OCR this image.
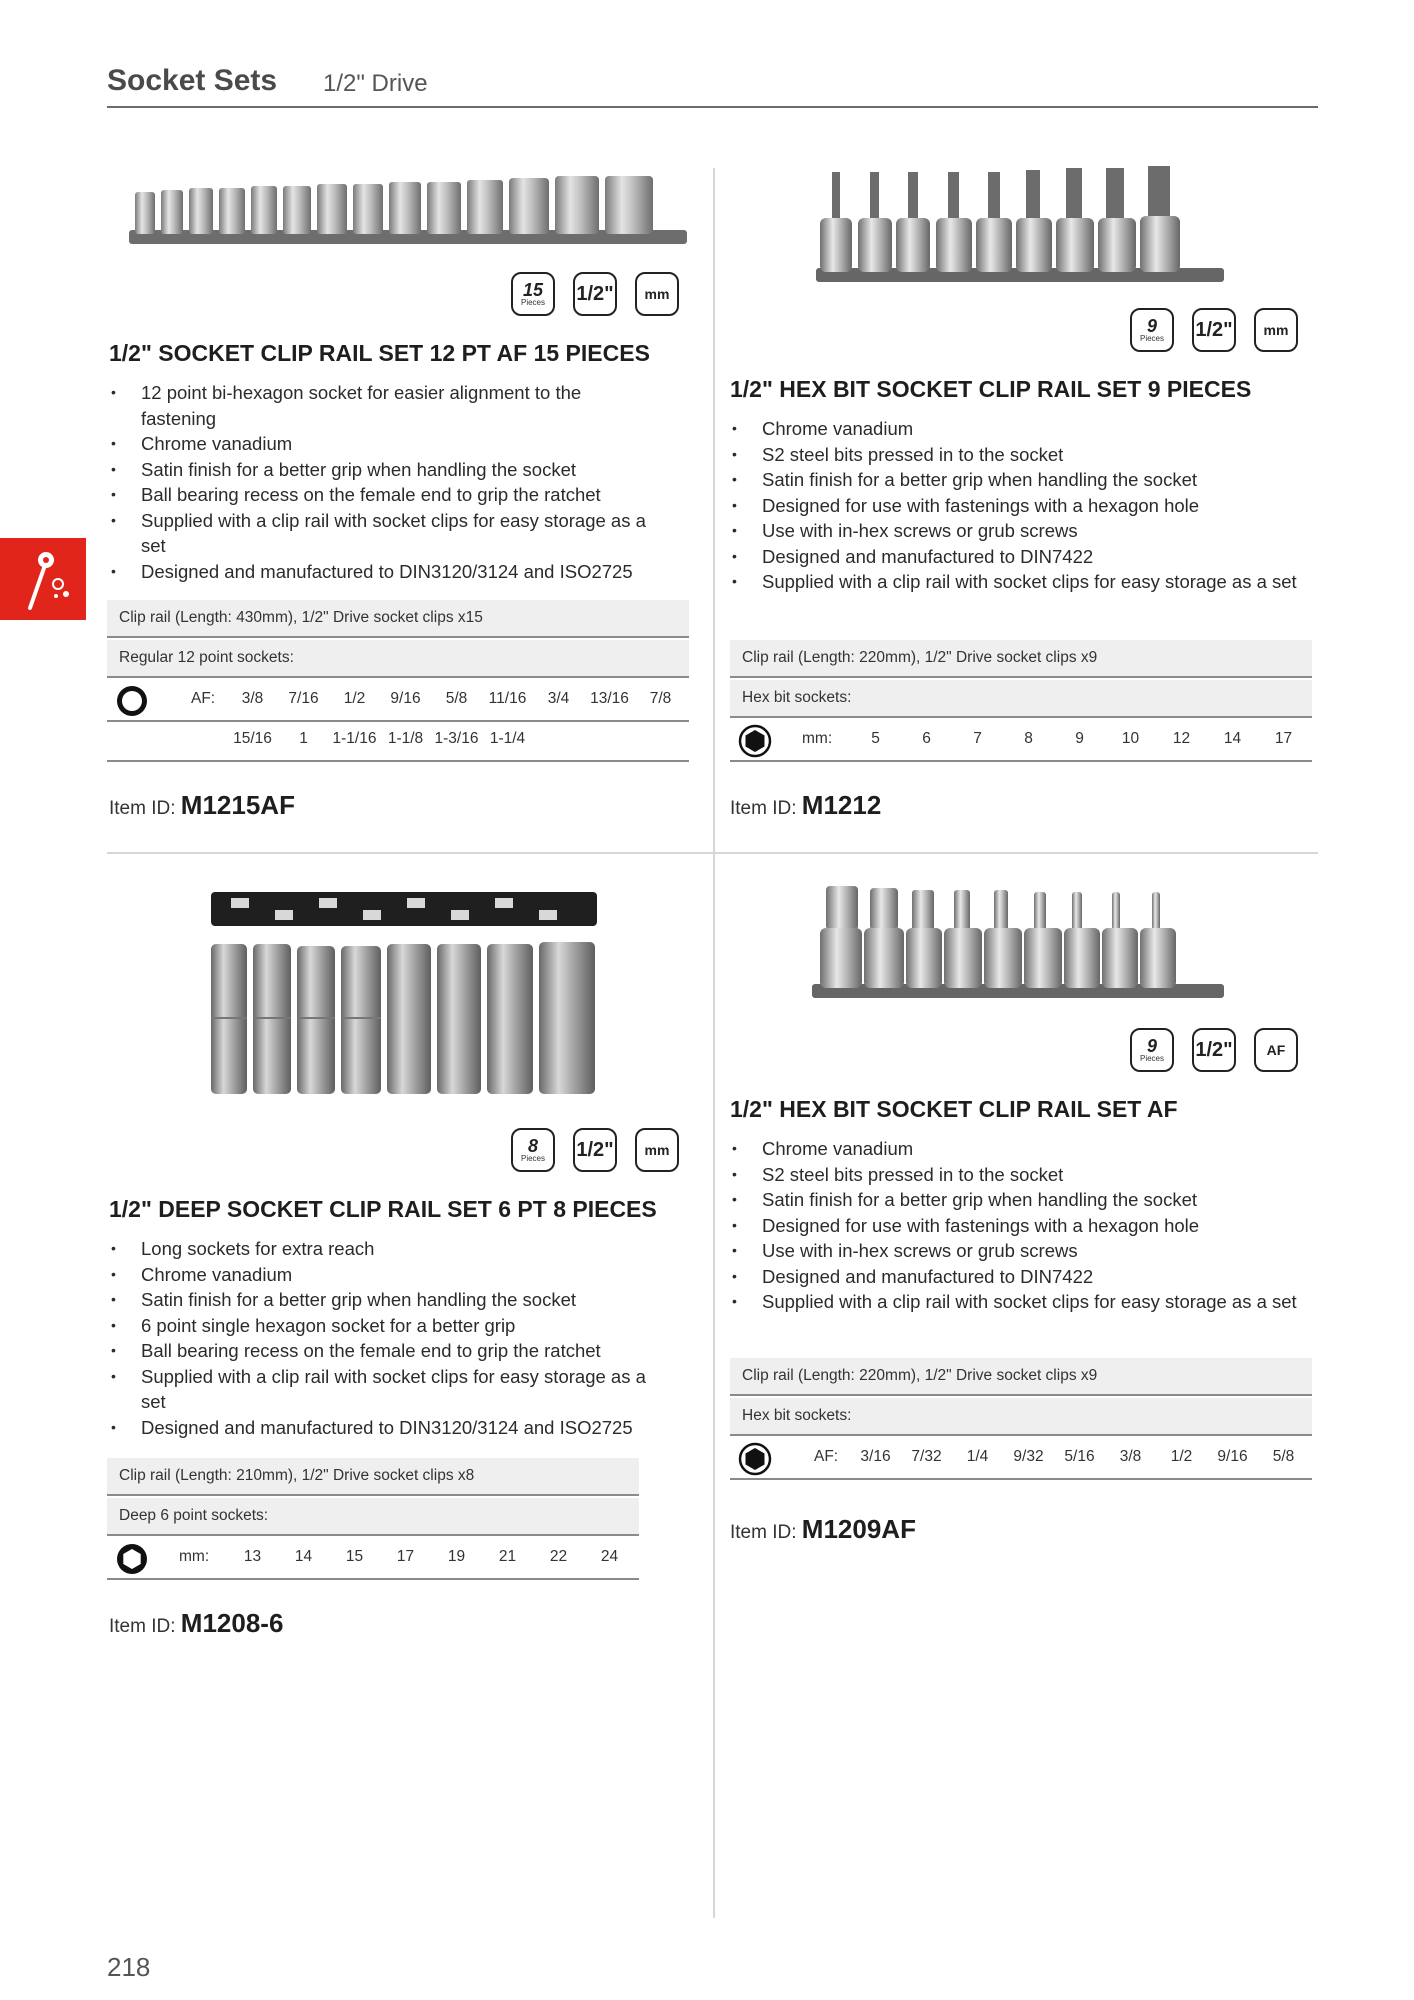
Socket Sets 1/2" Drive
15
Pieces 1/2" mm
1/2" SOCKET CLIP RAIL SET 12 PT AF 15 PIECES
• 12 point bi-hexagon socket for easier alignment to the fastening
• Chrome vanadium
• Satin finish for a better grip when handling the socket
• Ball bearing recess on the female end to grip the ratchet
• Supplied with a clip rail with socket clips for easy storage as a set
• Designed and manufactured to DIN3120/3124 and ISO2725
Clip rail (Length: 430mm), 1/2" Drive socket clips x15
Regular 12 point sockets:
AF:	3/8	7/16	1/2	9/16	5/8	11/16	3/4	13/16	7/8
15/16	1	1-1/16 1-1/8 1-3/16 1-1/4
Item ID: M1215AF
9
Pieces 1/2" mm
1/2" HEX BIT SOCKET CLIP RAIL SET 9 PIECES
• Chrome vanadium
• S2 steel bits pressed in to the socket
• Satin finish for a better grip when handling the socket
• Designed for use with fastenings with a hexagon hole
• Use with in-hex screws or grub screws
• Designed and manufactured to DIN7422
• Supplied with a clip rail with socket clips for easy storage as a set
Clip rail (Length: 220mm), 1/2" Drive socket clips x9
Hex bit sockets:
mm:	5	6	7	8	9	10	12	14	17
Item ID: M1212
8
Pieces 1/2" mm
1/2" DEEP SOCKET CLIP RAIL SET 6 PT 8 PIECES
• Long sockets for extra reach
• Chrome vanadium
• Satin finish for a better grip when handling the socket
• 6 point single hexagon socket for a better grip
• Ball bearing recess on the female end to grip the ratchet
• Supplied with a clip rail with socket clips for easy storage as a set
• Designed and manufactured to DIN3120/3124 and ISO2725
Clip rail (Length: 210mm), 1/2" Drive socket clips x8
Deep 6 point sockets:
mm:	13	14	15	17	19	21	22	24
Item ID: M1208-6
9
Pieces 1/2" AF
1/2" HEX BIT SOCKET CLIP RAIL SET AF
• Chrome vanadium
• S2 steel bits pressed in to the socket
• Satin finish for a better grip when handling the socket
• Designed for use with fastenings with a hexagon hole
• Use with in-hex screws or grub screws
• Designed and manufactured to DIN7422
• Supplied with a clip rail with socket clips for easy storage as a set
Clip rail (Length: 220mm), 1/2" Drive socket clips x9
Hex bit sockets:
AF:	3/16	7/32	1/4	9/32	5/16	3/8	1/2	9/16	5/8
Item ID: M1209AF
218
